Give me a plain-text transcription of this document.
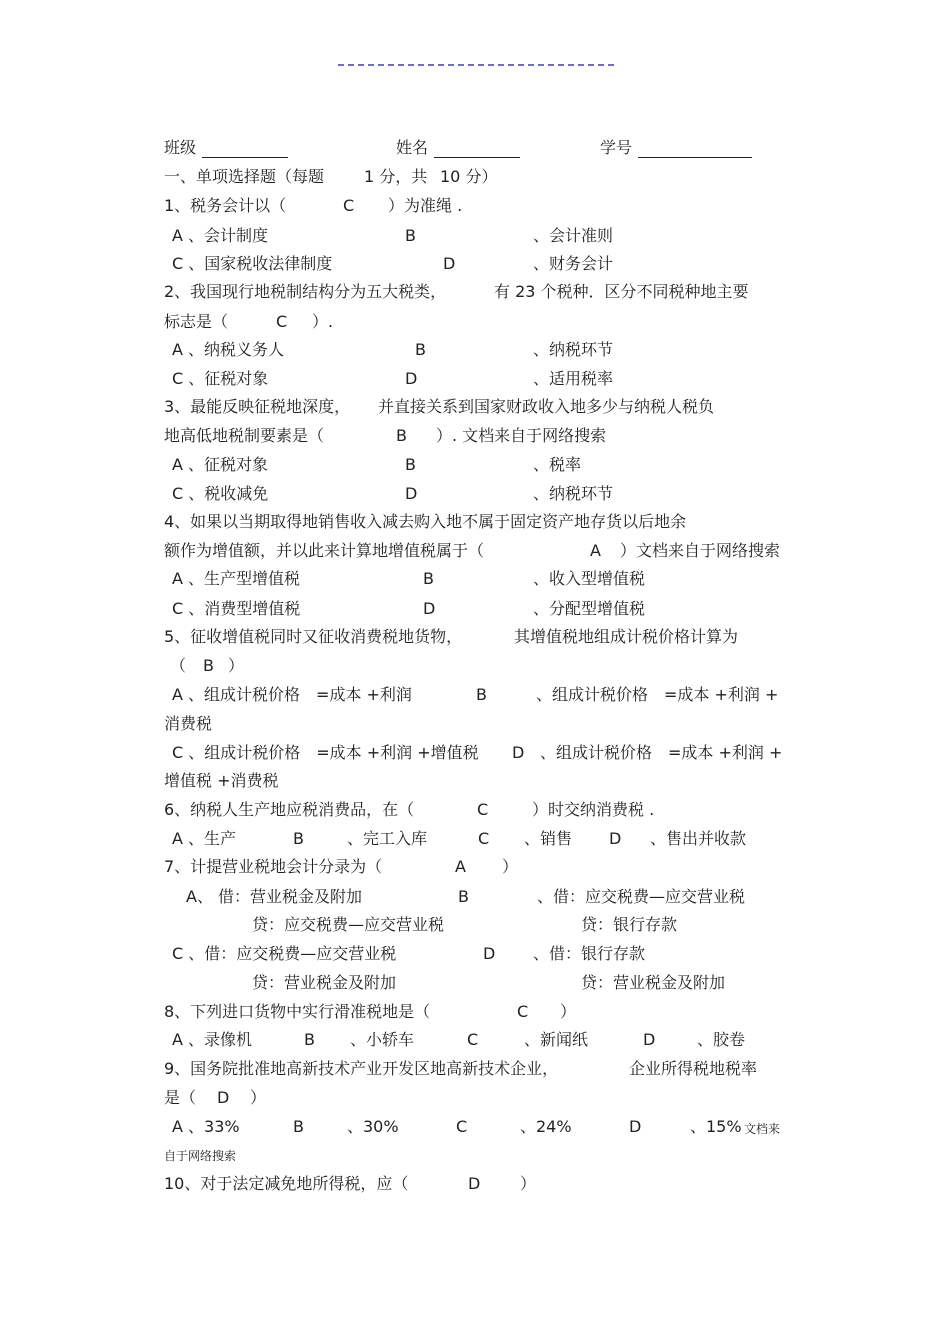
班级	姓名	学号
一、单项选择题（每题 1 分，共 10 分）
1、税务会计以（	C ）为准绳 .
A 、会计制度	B	、会计准则
C 、国家税收法律制度	D	、财务会计
2、我国现行地税制结构分为五大税类，	有 23 个税种．区分不同税种地主要
标志是（	C ）.
A 、纳税义务人	B	、纳税环节
C 、征税对象	D	、适用税率
3、最能反映征税地深度， 并直接关系到国家财政收入地多少与纳税人税负
地高低地税制要素是（	B ）. 文档来自于网络搜索
A 、征税对象	B	、税率
C 、税收减免	D	、纳税环节
4、如果以当期取得地销售收入减去购入地不属于固定资产地存货以后地余
额作为增值额，并以此来计算地增值税属于（	A ）文档来自于网络搜索
A 、生产型增值税	B	、收入型增值税
C 、消费型增值税	D	、分配型增值税
5、征收增值税同时又征收消费税地货物，	其增值税地组成计税价格计算为
（ B ）
A 、组成计税价格　=成本 +利润	B	、组成计税价格　=成本 +利润 +
消费税
C 、组成计税价格　=成本 +利润 +增值税 D 、组成计税价格　=成本 +利润 +
增值税 +消费税
6、纳税人生产地应税消费品，在（	C	）时交纳消费税 .
A 、生产	B	、完工入库	C 、销售 D 、售出并收款
7、计提营业税地会计分录为（	A ）
A、 借：营业税金及附加	B	、借：应交税费—应交营业税
贷：应交税费—应交营业税	贷：银行存款
C 、借：应交税费—应交营业税	D 、借：银行存款
贷：营业税金及附加	贷：营业税金及附加
8、下列进口货物中实行滑准税地是（	C ）
A 、录像机	B 、小轿车	C	、新闻纸	D	、胶卷
9、国务院批准地高新技术产业开发区地高新技术企业，	企业所得税地税率
是（ D ）
A 、33%	B	、30%	C	、24%	D	、15% 文档来
自于网络搜索
10、对于法定减免地所得税，应（	D ）
